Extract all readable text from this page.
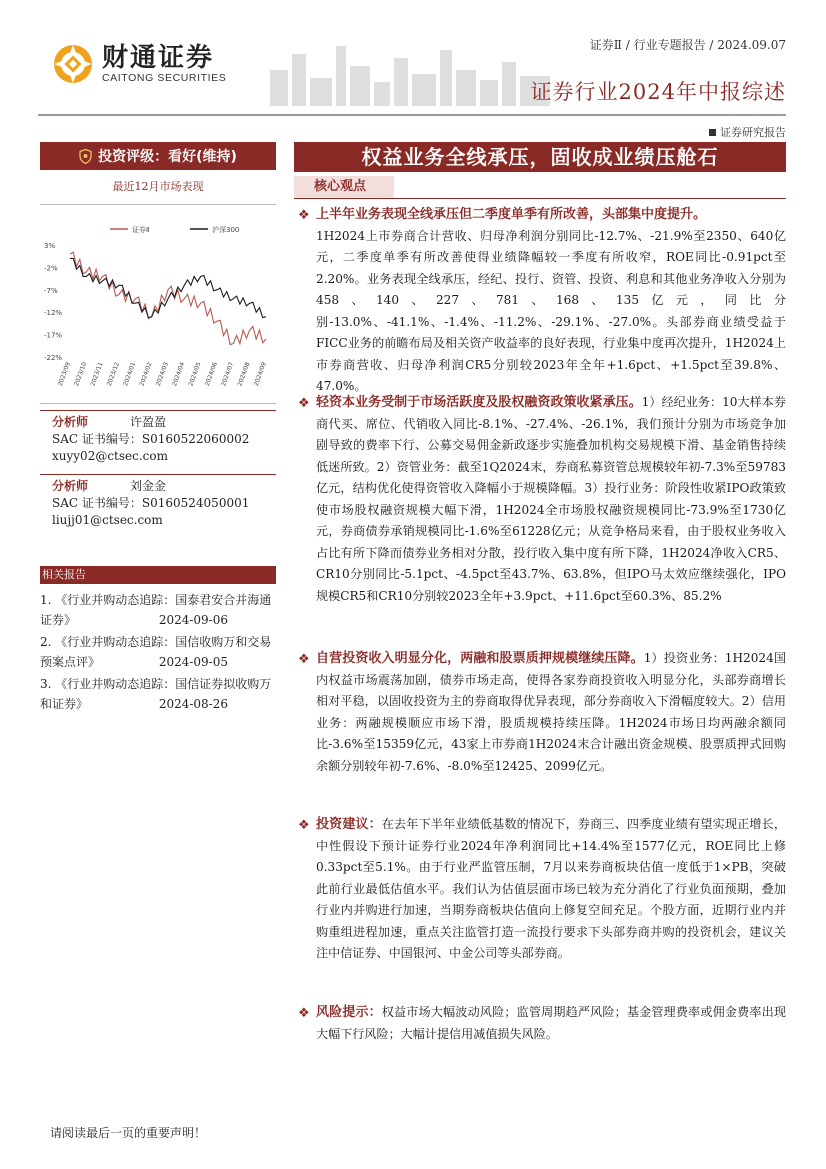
财通证券
CAITONG SECURITIES
证券Ⅱ / 行业专题报告 / 2024.09.07
证券行业2024年中报综述
证券研究报告
投资评级：看好(维持)
最近12月市场表现
证券Ⅱ	沪深300
3%
-2%
-7%
-12%
-17%
-22%
2023/09 2023/10 2023/11 2023/12 2024/01 2024/02 2024/03 2024/04 2024/05 2024/06 2024/07 2024/08 2024/09
分析师	许盈盈
SAC 证书编号：S0160522060002
xuyy02@ctsec.com
分析师	刘金金
SAC 证书编号：S0160524050001
liujj01@ctsec.com
相关报告
1. 《行业并购动态追踪：国泰君安合并海通证券》	2024-09-06
2. 《行业并购动态追踪：国信收购万和交易预案点评》	2024-09-05
3. 《行业并购动态追踪：国信证券拟收购万和证券》	2024-08-26
权益业务全线承压，固收成业绩压舱石
核心观点
❖ 上半年业务表现全线承压但二季度单季有所改善，头部集中度提升。
1H2024上市券商合计营收、归母净利润分别同比-12.7%、-21.9%至2350、640亿元，二季度单季有所改善使得业绩降幅较一季度有所收窄，ROE同比-0.91pct至2.20%。业务表现全线承压，经纪、投行、资管、投资、利息和其他业务净收入分别为458、140、227、781、168、135亿元，同比分别-13.0%、-41.1%、-1.4%、-11.2%、-29.1%、-27.0%。头部券商业绩受益于FICC业务的前瞻布局及相关资产收益率的良好表现，行业集中度再次提升，1H2024上市券商营收、归母净利润CR5分别较2023年全年+1.6pct、+1.5pct至39.8%、47.0%。
❖ 轻资本业务受制于市场活跃度及股权融资政策收紧承压。1）经纪业务：10大样本券商代买、席位、代销收入同比-8.1%、-27.4%、-26.1%，我们预计分别为市场竞争加剧导致的费率下行、公募交易佣金新政逐步实施叠加机构交易规模下滑、基金销售持续低迷所致。2）资管业务：截至1Q2024末，券商私募资管总规模较年初-7.3%至59783亿元，结构优化使得资管收入降幅小于规模降幅。3）投行业务：阶段性收紧IPO政策致使市场股权融资规模大幅下滑，1H2024全市场股权融资规模同比-73.9%至1730亿元，券商债券承销规模同比-1.6%至61228亿元；从竞争格局来看，由于股权业务收入占比有所下降而债券业务相对分散，投行收入集中度有所下降，1H2024净收入CR5、CR10分别同比-5.1pct、-4.5pct至43.7%、63.8%，但IPO马太效应继续强化，IPO规模CR5和CR10分别较2023全年+3.9pct、+11.6pct至60.3%、85.2%
❖ 自营投资收入明显分化，两融和股票质押规模继续压降。1）投资业务：1H2024国内权益市场震荡加剧，债券市场走高，使得各家券商投资收入明显分化，头部券商增长相对平稳，以固收投资为主的券商取得优异表现，部分券商收入下滑幅度较大。2）信用业务：两融规模顺应市场下滑，股质规模持续压降。1H2024市场日均两融余额同比-3.6%至15359亿元，43家上市券商1H2024末合计融出资金规模、股票质押式回购余额分别较年初-7.6%、-8.0%至12425、2099亿元。
❖ 投资建议：在去年下半年业绩低基数的情况下，券商三、四季度业绩有望实现正增长，中性假设下预计证券行业2024年净利润同比+14.4%至1577亿元，ROE同比上修0.33pct至5.1%。由于行业严监管压制，7月以来券商板块估值一度低于1×PB，突破此前行业最低估值水平。我们认为估值层面市场已较为充分消化了行业负面预期，叠加行业内并购进行加速，当期券商板块估值向上修复空间充足。个股方面，近期行业内并购重组进程加速，重点关注监管打造一流投行要求下头部券商并购的投资机会，建议关注中信证券、中国银河、中金公司等头部券商。
❖ 风险提示：权益市场大幅波动风险；监管周期趋严风险；基金管理费率或佣金费率出现大幅下行风险；大幅计提信用减值损失风险。
请阅读最后一页的重要声明！
